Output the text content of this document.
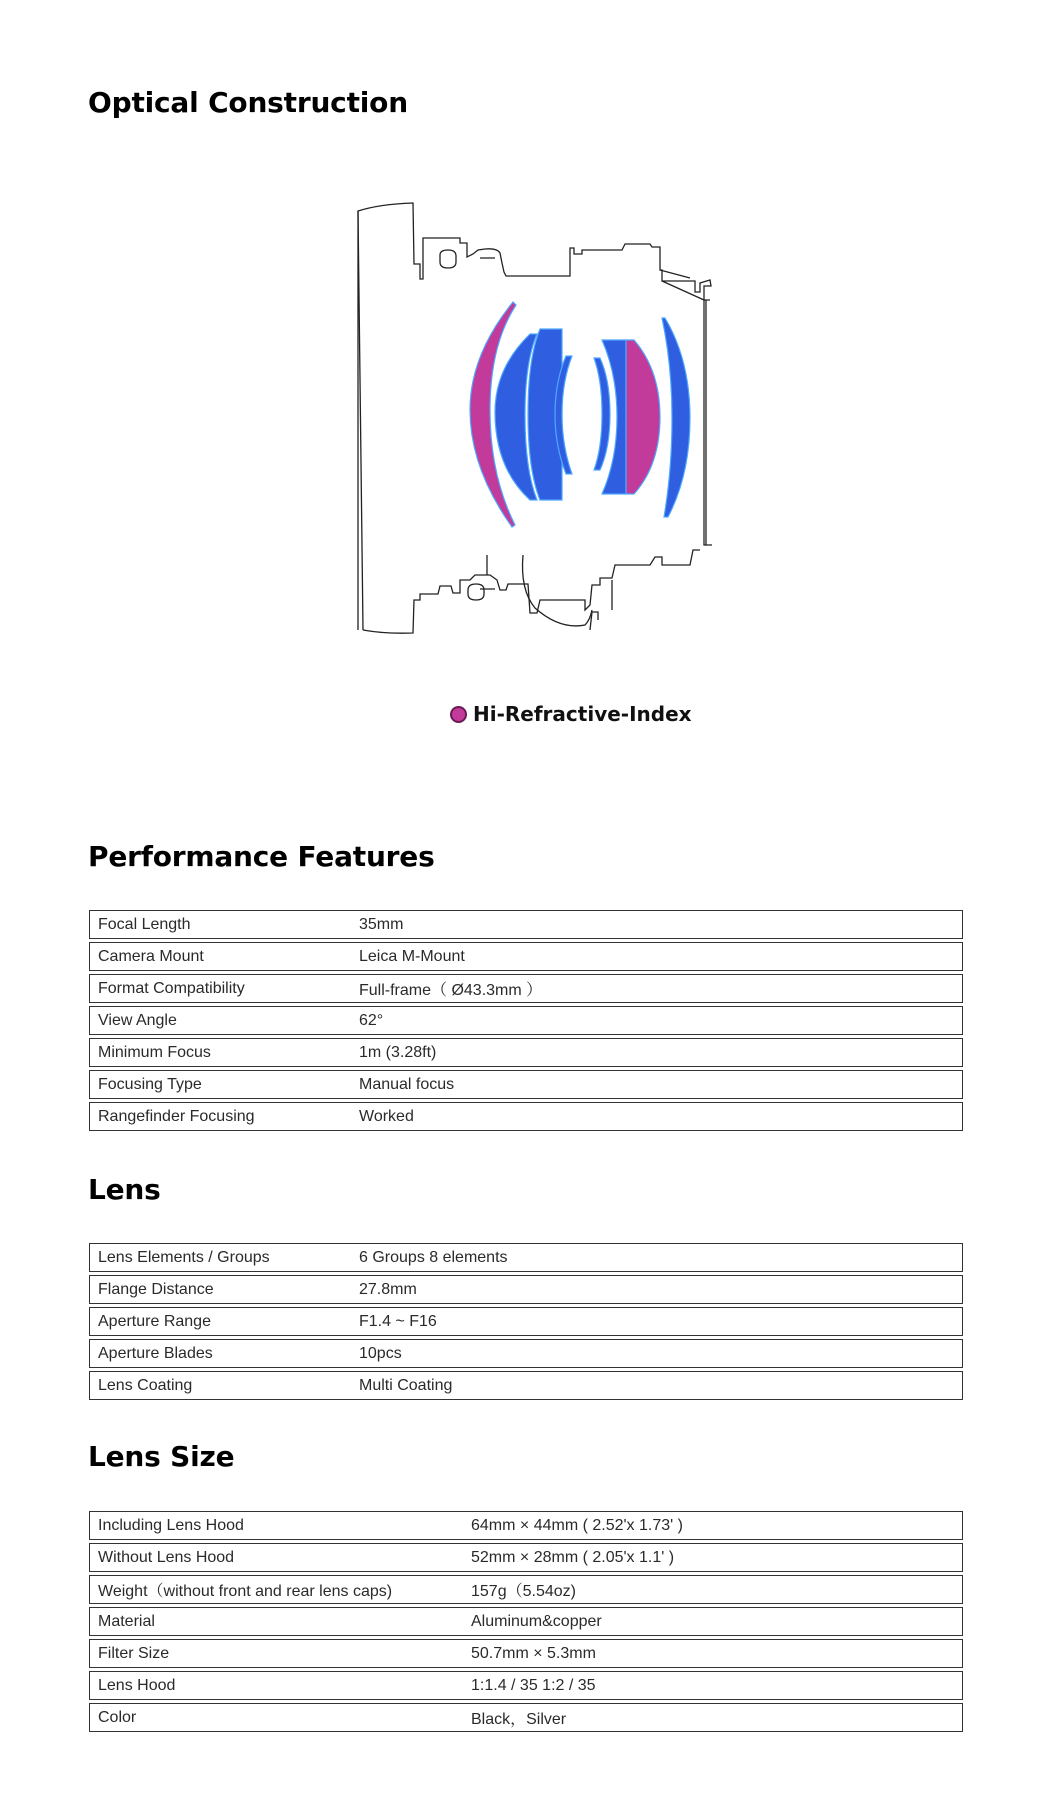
Optical Construction
Hi-Refractive-Index
Performance Features
Focal Length	35mm
Camera Mount	Leica M-Mount
Format Compatibility	Full-frame（ Ø43.3mm ）
View Angle	62°
Minimum Focus	1m (3.28ft)
Focusing Type	Manual focus
Rangefinder Focusing	Worked
Lens
Lens Elements / Groups	6 Groups 8 elements
Flange Distance	27.8mm
Aperture Range	F1.4 ~ F16
Aperture Blades	10pcs
Lens Coating	Multi Coating
Lens Size
Including Lens Hood	64mm × 44mm ( 2.52'x 1.73' )
Without Lens Hood	52mm × 28mm ( 2.05'x 1.1' )
Weight（without front and rear lens caps)	157g（5.54oz)
Material	Aluminum&copper
Filter Size	50.7mm × 5.3mm
Lens Hood	1:1.4 / 35 1:2 / 35
Color	Black，Silver
